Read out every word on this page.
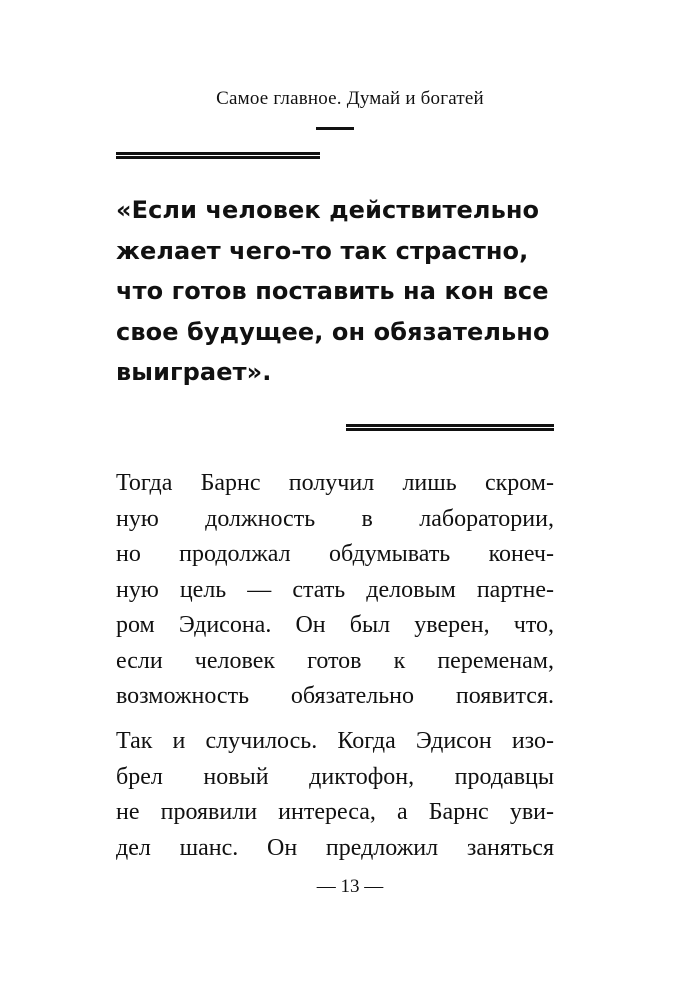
Самое главное. Думай и богатей
«Если человек действительно
желает чего-то так страстно,
что готов поставить на кон все
свое будущее, он обязательно
выиграет».
Тогда Барнс получил лишь скром-
ную должность в лаборатории,
но продолжал обдумывать конеч-
ную цель — стать деловым партне-
ром Эдисона. Он был уверен, что,
если человек готов к переменам,
возможность обязательно появится.
Так и случилось. Когда Эдисон изо-
брел новый диктофон, продавцы
не проявили интереса, а Барнс уви-
дел шанс. Он предложил заняться
— 13 —
